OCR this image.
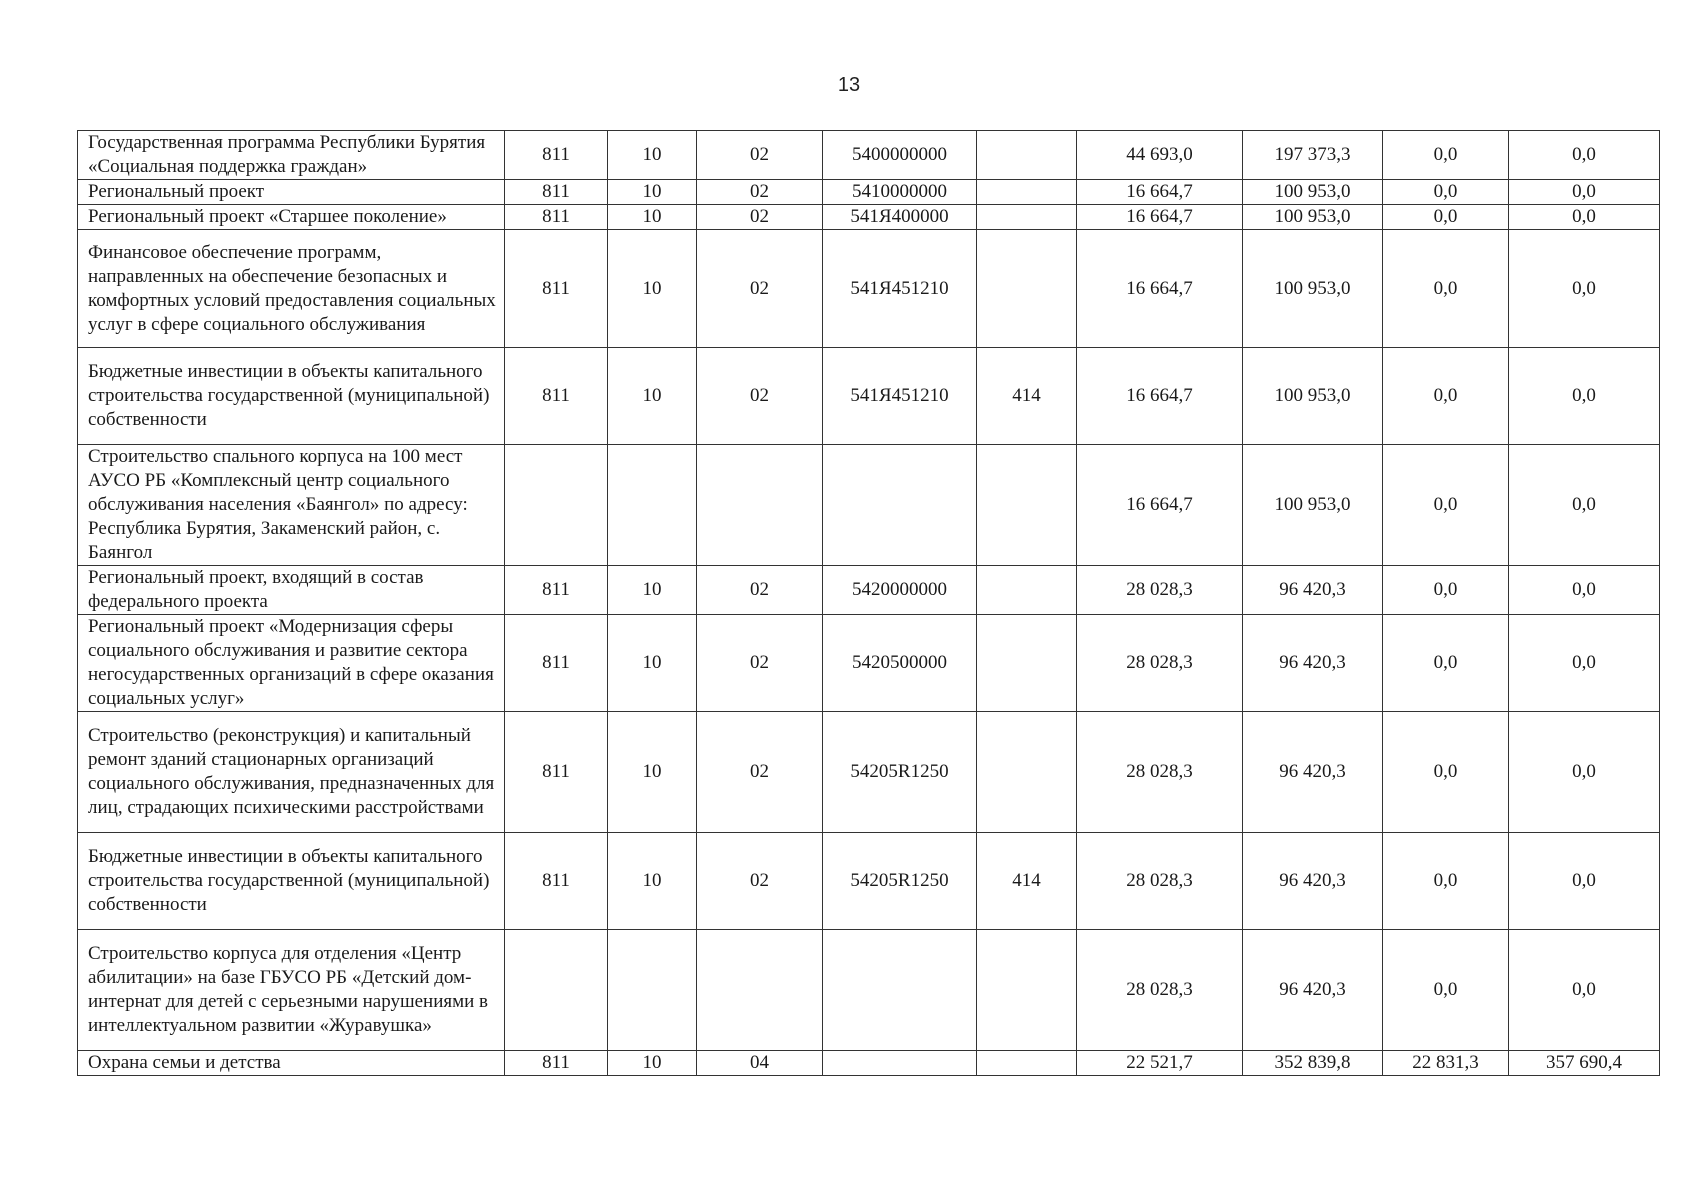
13
Государственная программа Республики Бурятия «Социальная поддержка граждан»	811	10	02	5400000000		44 693,0	197 373,3	0,0	0,0
Региональный проект	811	10	02	5410000000		16 664,7	100 953,0	0,0	0,0
Региональный проект «Старшее поколение»	811	10	02	541Я400000		16 664,7	100 953,0	0,0	0,0
Финансовое обеспечение программ, направленных на обеспечение безопасных и комфортных условий предоставления социальных услуг в сфере социального обслуживания	811	10	02	541Я451210		16 664,7	100 953,0	0,0	0,0
Бюджетные инвестиции в объекты капитального строительства государственной (муниципальной) собственности	811	10	02	541Я451210	414	16 664,7	100 953,0	0,0	0,0
Строительство спального корпуса на 100 мест АУСО РБ «Комплексный центр социального обслуживания населения «Баянгол» по адресу: Республика Бурятия, Закаменский район, с. Баянгол						16 664,7	100 953,0	0,0	0,0
Региональный проект, входящий в состав федерального проекта	811	10	02	5420000000		28 028,3	96 420,3	0,0	0,0
Региональный проект «Модернизация сферы социального обслуживания и развитие сектора негосударственных организаций в сфере оказания социальных услуг»	811	10	02	5420500000		28 028,3	96 420,3	0,0	0,0
Строительство (реконструкция) и капитальный ремонт зданий стационарных организаций социального обслуживания, предназначенных для лиц, страдающих психическими расстройствами	811	10	02	54205R1250		28 028,3	96 420,3	0,0	0,0
Бюджетные инвестиции в объекты капитального строительства государственной (муниципальной) собственности	811	10	02	54205R1250	414	28 028,3	96 420,3	0,0	0,0
Строительство корпуса для отделения «Центр абилитации» на базе ГБУСО РБ «Детский дом-интернат для детей с серьезными нарушениями в интеллектуальном развитии «Журавушка»						28 028,3	96 420,3	0,0	0,0
Охрана семьи и детства	811	10	04			22 521,7	352 839,8	22 831,3	357 690,4
